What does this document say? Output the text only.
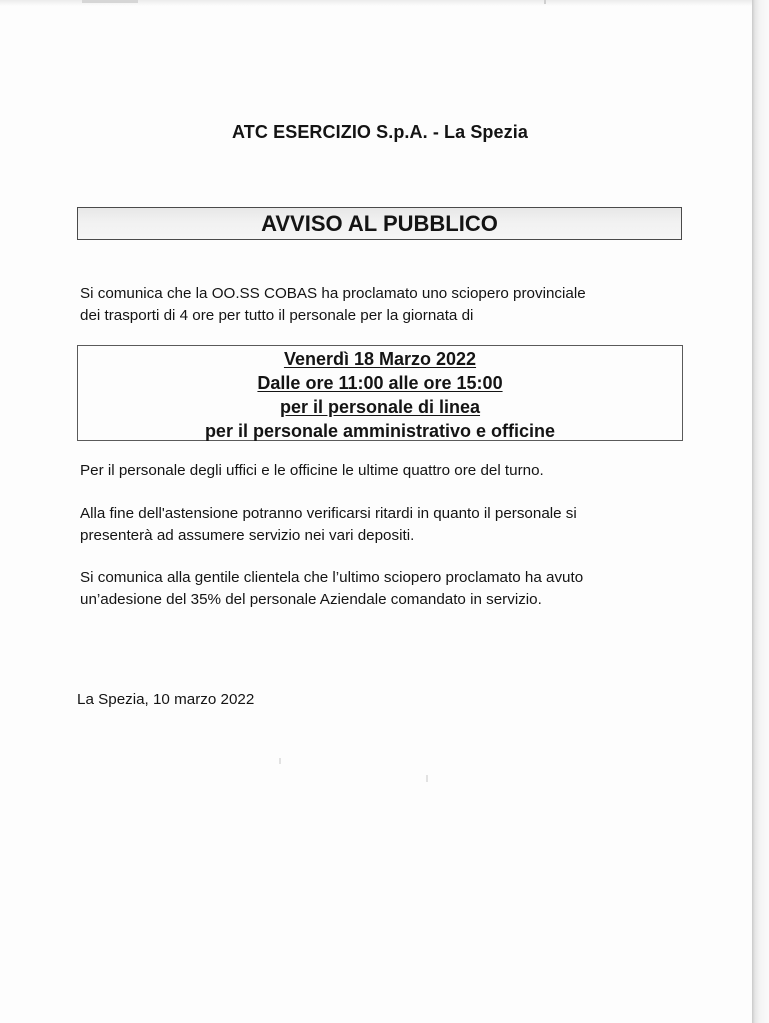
ATC ESERCIZIO S.p.A. - La Spezia
AVVISO AL PUBBLICO
Si comunica che la OO.SS COBAS ha proclamato uno sciopero provinciale
dei trasporti di 4 ore per tutto il personale per la giornata di
Venerdì 18 Marzo 2022
Dalle ore 11:00 alle ore 15:00
per il personale di linea
per il personale amministrativo e officine
Per il personale degli uffici e le officine le ultime quattro ore del turno.
Alla fine dell'astensione potranno verificarsi ritardi in quanto il personale si
presenterà ad assumere servizio nei vari depositi.
Si comunica alla gentile clientela che l’ultimo sciopero proclamato ha avuto
un’adesione del 35% del personale Aziendale comandato in servizio.
La Spezia, 10 marzo 2022
